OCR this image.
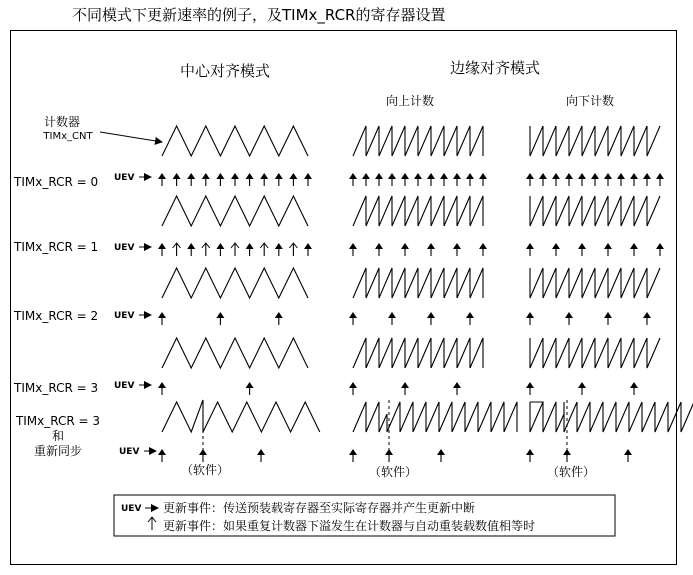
不同模式下更新速率的例子，及TIMx_RCR的寄存器设置
中心对齐模式	边缘对齐模式
向上计数	向下计数
计数器
TIMx_CNT
TIMx_RCR = 0
TIMx_RCR = 1
TIMx_RCR = 2
TIMx_RCR = 3
TIMx_RCR = 3
和
重新同步
UEV
UEV
UEV
UEV
UEV
（软件）	（软件）	（软件）
UEV 更新事件：传送预装载寄存器至实际寄存器并产生更新中断
更新事件：如果重复计数器下溢发生在计数器与自动重装载数值相等时
